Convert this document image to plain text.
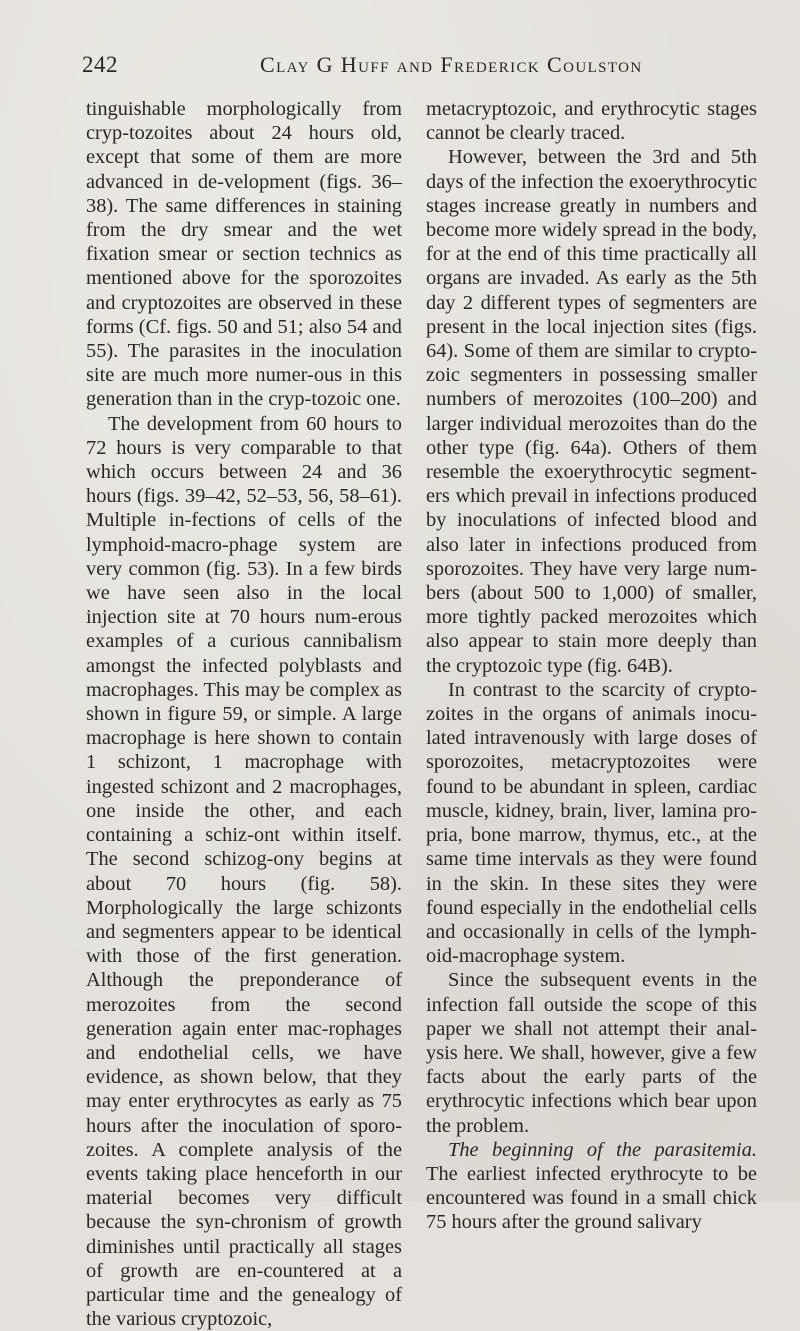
242	Clay G Huff and Frederick Coulston

tinguishable morphologically from cryp-tozoites about 24 hours old, except that some of them are more advanced in de-velopment (figs. 36–38). The same differences in staining from the dry smear and the wet fixation smear or section technics as mentioned above for the sporozoites and cryptozoites are observed in these forms (Cf. figs. 50 and 51; also 54 and 55). The parasites in the inoculation site are much more numer-ous in this generation than in the cryp-tozoic one.

The development from 60 hours to 72 hours is very comparable to that which occurs between 24 and 36 hours (figs. 39–42, 52–53, 56, 58–61). Multiple in-fections of cells of the lymphoid-macro-phage system are very common (fig. 53). In a few birds we have seen also in the local injection site at 70 hours num-erous examples of a curious cannibalism amongst the infected polyblasts and macrophages. This may be complex as shown in figure 59, or simple. A large macrophage is here shown to contain 1 schizont, 1 macrophage with ingested schizont and 2 macrophages, one inside the other, and each containing a schiz-ont within itself. The second schizog-ony begins at about 70 hours (fig. 58). Morphologically the large schizonts and segmenters appear to be identical with those of the first generation. Although the preponderance of merozoites from the second generation again enter mac-rophages and endothelial cells, we have evidence, as shown below, that they may enter erythrocytes as early as 75 hours after the inoculation of sporo-zoites. A complete analysis of the events taking place henceforth in our material becomes very difficult because the syn-chronism of growth diminishes until practically all stages of growth are en-countered at a particular time and the genealogy of the various cryptozoic,

metacryptozoic, and erythrocytic stages cannot be clearly traced.

However, between the 3rd and 5th days of the infection the exoerythrocytic stages increase greatly in numbers and become more widely spread in the body, for at the end of this time practically all organs are invaded. As early as the 5th day 2 different types of segmenters are present in the local injection sites (figs. 64). Some of them are similar to crypto-zoic segmenters in possessing smaller numbers of merozoites (100–200) and larger individual merozoites than do the other type (fig. 64a). Others of them resemble the exoerythrocytic segment-ers which prevail in infections produced by inoculations of infected blood and also later in infections produced from sporozoites. They have very large num-bers (about 500 to 1,000) of smaller, more tightly packed merozoites which also appear to stain more deeply than the cryptozoic type (fig. 64B).

In contrast to the scarcity of crypto-zoites in the organs of animals inocu-lated intravenously with large doses of sporozoites, metacryptozoites were found to be abundant in spleen, cardiac muscle, kidney, brain, liver, lamina pro-pria, bone marrow, thymus, etc., at the same time intervals as they were found in the skin. In these sites they were found especially in the endothelial cells and occasionally in cells of the lymph-oid-macrophage system.

Since the subsequent events in the infection fall outside the scope of this paper we shall not attempt their anal-ysis here. We shall, however, give a few facts about the early parts of the erythrocytic infections which bear upon the problem.

The beginning of the parasitemia. The earliest infected erythrocyte to be encountered was found in a small chick 75 hours after the ground salivary
